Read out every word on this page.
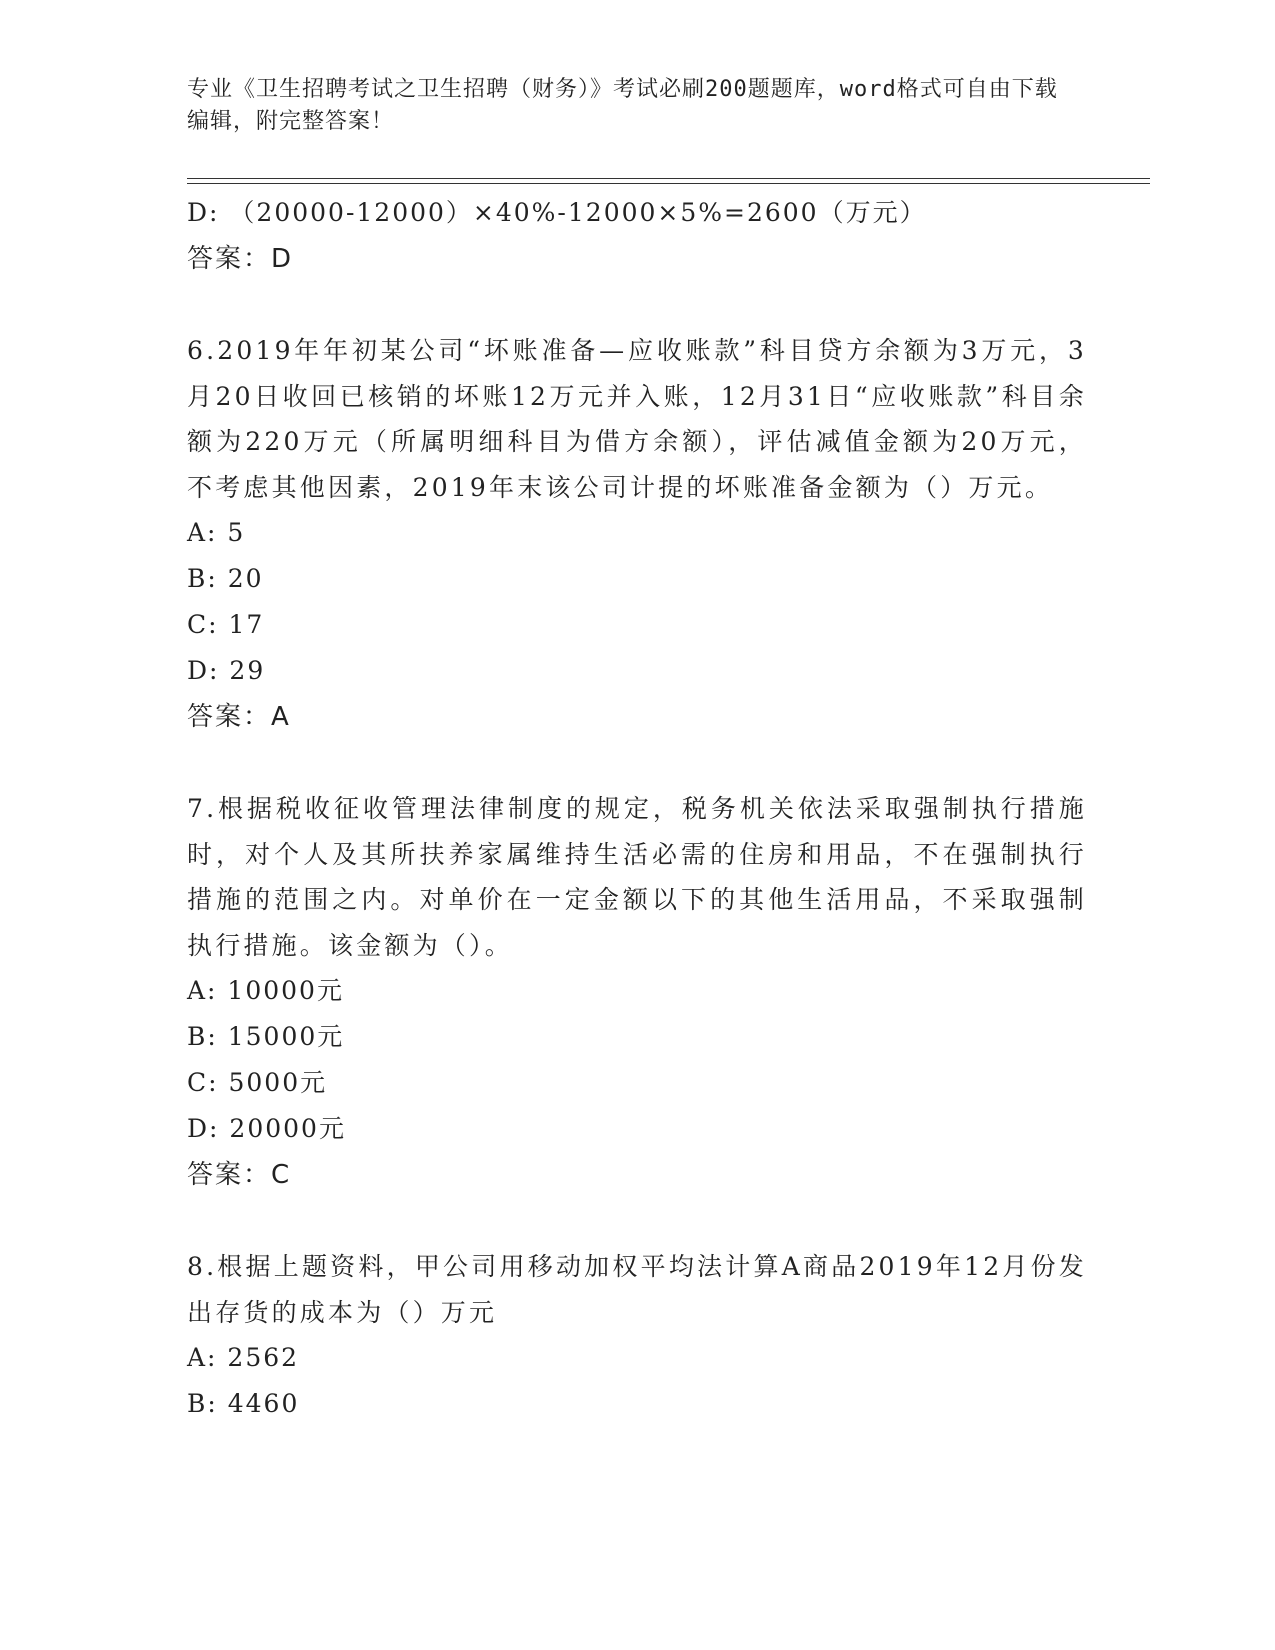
专业《卫生招聘考试之卫生招聘（财务）》考试必刷200题题库，word格式可自由下载编辑，附完整答案！
D: （20000-12000）×40%-12000×5%=2600（万元）
答案：D
6.2019年年初某公司“坏账准备—应收账款”科目贷方余额为3万元，3月20日收回已核销的坏账12万元并入账，12月31日“应收账款”科目余额为220万元（所属明细科目为借方余额），评估减值金额为20万元，不考虑其他因素，2019年末该公司计提的坏账准备金额为（）万元。
A: 5
B: 20
C: 17
D: 29
答案：A
7.根据税收征收管理法律制度的规定，税务机关依法采取强制执行措施时，对个人及其所扶养家属维持生活必需的住房和用品，不在强制执行措施的范围之内。对单价在一定金额以下的其他生活用品，不采取强制执行措施。该金额为（）。
A: 10000元
B: 15000元
C: 5000元
D: 20000元
答案：C
8.根据上题资料，甲公司用移动加权平均法计算A商品2019年12月份发出存货的成本为（）万元
A: 2562
B: 4460
